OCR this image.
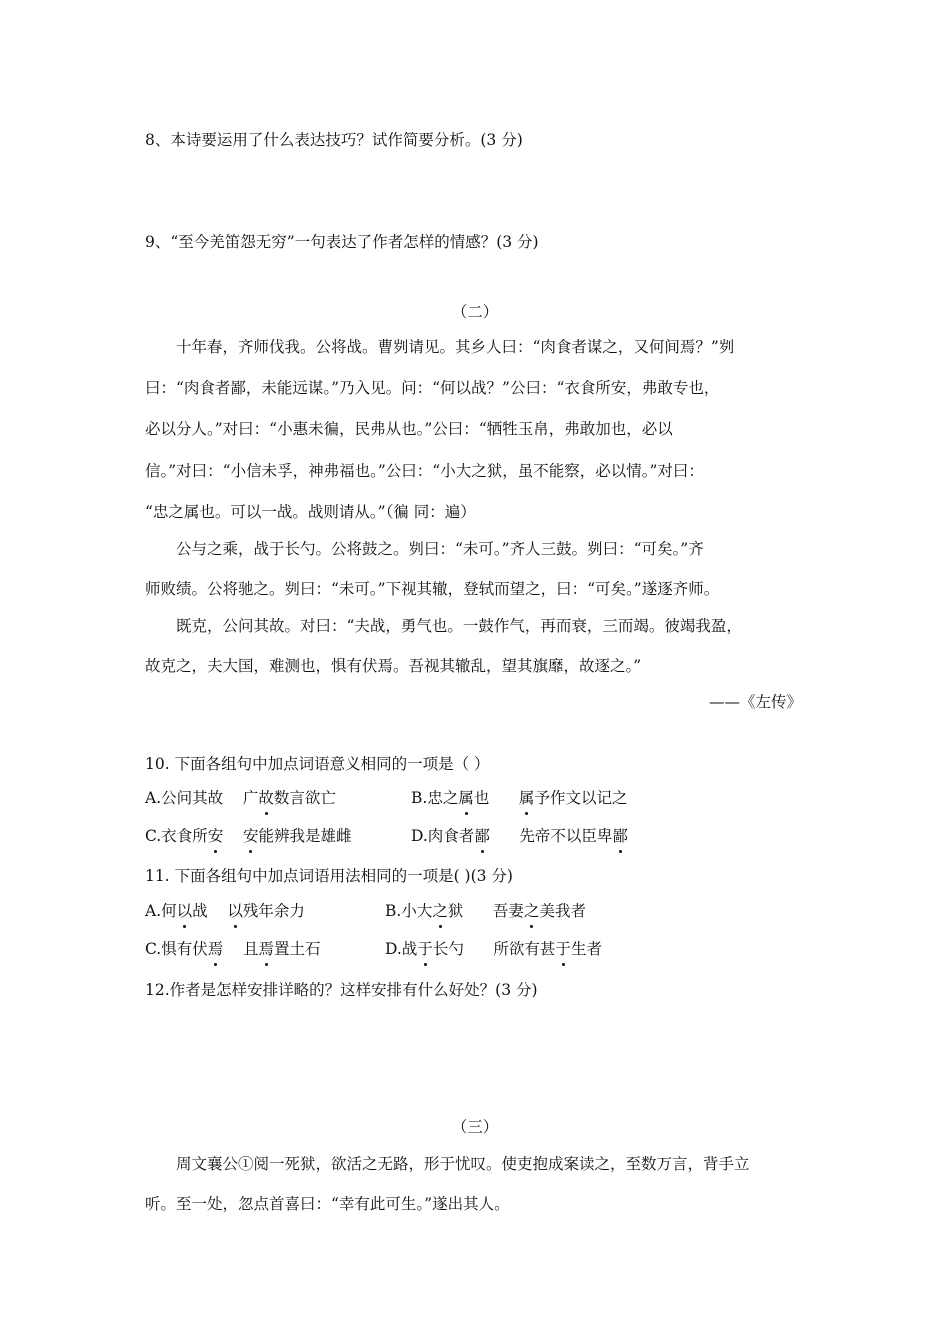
8、本诗要运用了什么表达技巧？试作简要分析。(3 分)
9、“至今羌笛怨无穷”一句表达了作者怎样的情感？(3 分)
（二）
十年春，齐师伐我。公将战。曹刿请见。其乡人曰：“肉食者谋之，又何间焉？”刿
曰：“肉食者鄙，未能远谋。”乃入见。问：“何以战？”公曰：“衣食所安，弗敢专也，
必以分人。”对曰：“小惠未徧，民弗从也。”公曰：“牺牲玉帛，弗敢加也，必以
信。”对曰：“小信未孚，神弗福也。”公曰：“小大之狱，虽不能察，必以情。”对曰：
“忠之属也。可以一战。战则请从。”（徧 同：遍）
公与之乘，战于长勺。公将鼓之。刿曰：“未可。”齐人三鼓。刿曰：“可矣。”齐
师败绩。公将驰之。刿曰：“未可。”下视其辙，登轼而望之，曰：“可矣。”遂逐齐师。
既克，公问其故。对曰：“夫战，勇气也。一鼓作气，再而衰，三而竭。彼竭我盈，
故克之，夫大国，难测也，惧有伏焉。吾视其辙乱，望其旗靡，故逐之。”
——《左传》
10. 下面各组句中加点词语意义相同的一项是（ ）
A.公问其故 广故数言欲亡	B.忠之属也 属予作文以记之
C.衣食所安 安能辨我是雄雌	D.肉食者鄙 先帝不以臣卑鄙
11. 下面各组句中加点词语用法相同的一项是( )(3 分)
A.何以战 以残年余力	B.小大之狱 吾妻之美我者
C.惧有伏焉 且焉置土石	D.战于长勺 所欲有甚于生者
12.作者是怎样安排详略的？这样安排有什么好处？(3 分)
（三）
周文襄公①阅一死狱，欲活之无路，形于忧叹。使吏抱成案读之，至数万言，背手立
听。至一处，忽点首喜曰：“幸有此可生。”遂出其人。
